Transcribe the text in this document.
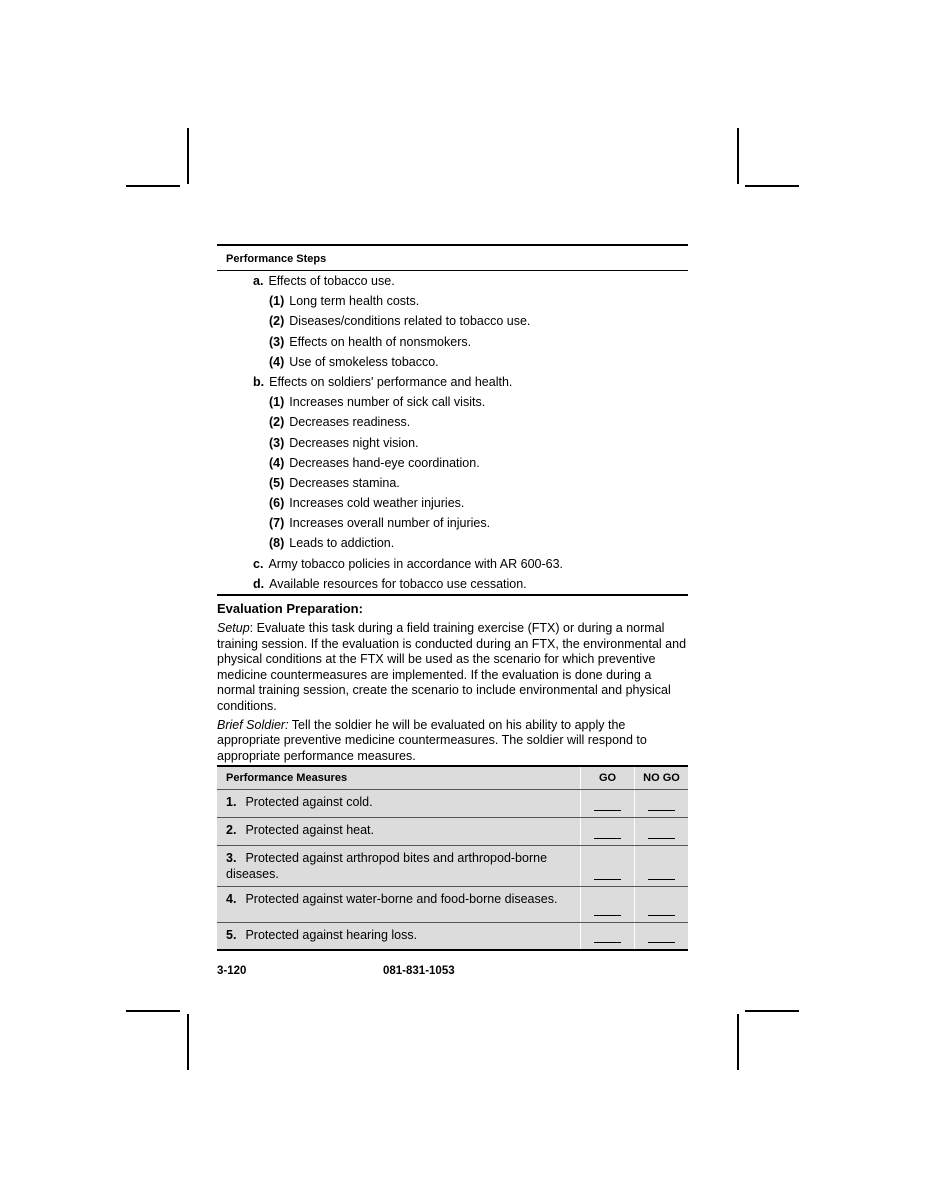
Performance Steps
a. Effects of tobacco use.
(1) Long term health costs.
(2) Diseases/conditions related to tobacco use.
(3) Effects on health of nonsmokers.
(4) Use of smokeless tobacco.
b. Effects on soldiers' performance and health.
(1) Increases number of sick call visits.
(2) Decreases readiness.
(3) Decreases night vision.
(4) Decreases hand-eye coordination.
(5) Decreases stamina.
(6) Increases cold weather injuries.
(7) Increases overall number of injuries.
(8) Leads to addiction.
c. Army tobacco policies in accordance with AR 600-63.
d. Available resources for tobacco use cessation.
Evaluation Preparation:
Setup: Evaluate this task during a field training exercise (FTX) or during a normal training session. If the evaluation is conducted during an FTX, the environmental and physical conditions at the FTX will be used as the scenario for which preventive medicine countermeasures are implemented. If the evaluation is done during a normal training session, create the scenario to include environmental and physical conditions.
Brief Soldier: Tell the soldier he will be evaluated on his ability to apply the appropriate preventive medicine countermeasures. The soldier will respond to appropriate performance measures.
Performance Measures	GO	NO GO
1. Protected against cold.	

2. Protected against heat.	

3. Protected against arthropod bites and arthropod-borne diseases.	

4. Protected against water-borne and food-borne diseases.	

5. Protected against hearing loss.	

3-120	081-831-1053
